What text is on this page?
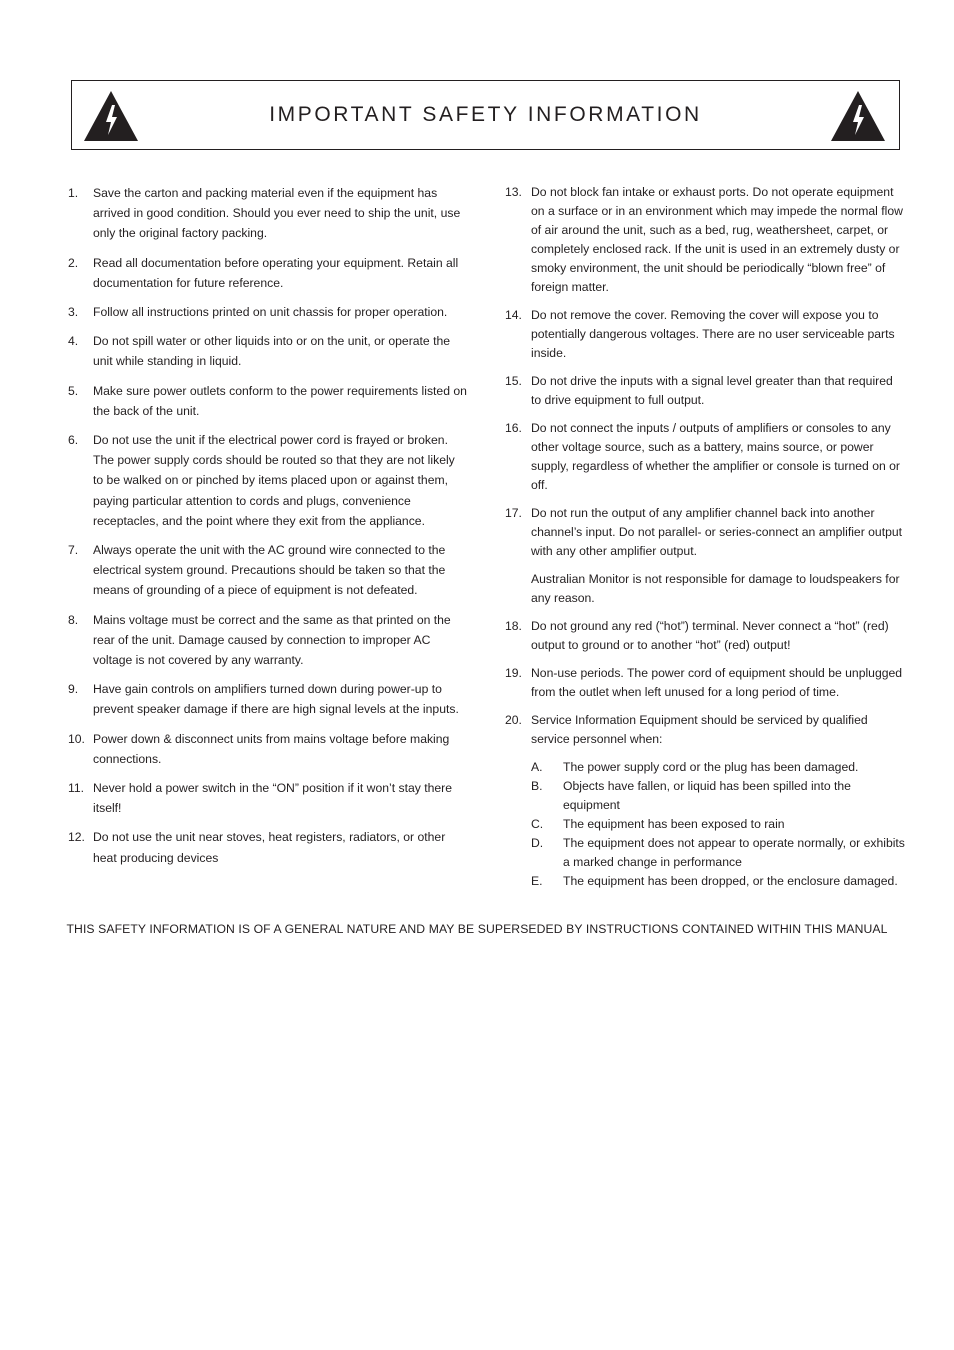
IMPORTANT SAFETY INFORMATION
1. Save the carton and packing material even if the equipment has arrived in good condition. Should you ever need to ship the unit, use only the original factory packing.
2. Read all documentation before operating your equipment. Retain all documentation for future reference.
3. Follow all instructions printed on unit chassis for proper operation.
4. Do not spill water or other liquids into or on the unit, or operate the unit while standing in liquid.
5. Make sure power outlets conform to the power requirements listed on the back of the unit.
6. Do not use the unit if the electrical power cord is frayed or broken. The power supply cords should be routed so that they are not likely to be walked on or pinched by items placed upon or against them, paying particular attention to cords and plugs, convenience receptacles, and the point where they exit from the appliance.
7. Always operate the unit with the AC ground wire connected to the electrical system ground. Precautions should be taken so that the means of grounding of a piece of equipment is not defeated.
8. Mains voltage must be correct and the same as that printed on the rear of the unit. Damage caused by connection to improper AC voltage is not covered by any warranty.
9. Have gain controls on amplifiers turned down during power-up to prevent speaker damage if there are high signal levels at the inputs.
10. Power down & disconnect units from mains voltage before making connections.
11. Never hold a power switch in the “ON” position if it won’t stay there itself!
12. Do not use the unit near stoves, heat registers, radiators, or other heat producing devices
13. Do not block fan intake or exhaust ports. Do not operate equipment on a surface or in an environment which may impede the normal flow of air around the unit, such as a bed, rug, weathersheet, carpet, or completely enclosed rack. If the unit is used in an extremely dusty or smoky environment, the unit should be periodically “blown free” of foreign matter.
14. Do not remove the cover. Removing the cover will expose you to potentially dangerous voltages. There are no user serviceable parts inside.
15. Do not drive the inputs with a signal level greater than that required to drive equipment to full output.
16. Do not connect the inputs / outputs of amplifiers or consoles to any other voltage source, such as a battery, mains source, or power supply, regardless of whether the amplifier or console is turned on or off.
17. Do not run the output of any amplifier channel back into another channel’s input. Do not parallel- or series-connect an amplifier output with any other amplifier output.
Australian Monitor is not responsible for damage to loudspeakers for any reason.
18. Do not ground any red (“hot”) terminal. Never connect a “hot” (red) output to ground or to another “hot” (red) output!
19. Non-use periods. The power cord of equipment should be unplugged from the outlet when left unused for a long period of time.
20. Service Information Equipment should be serviced by qualified service personnel when:
A. The power supply cord or the plug has been damaged.
B. Objects have fallen, or liquid has been spilled into the equipment
C. The equipment has been exposed to rain
D. The equipment does not appear to operate normally, or exhibits a marked change in performance
E. The equipment has been dropped, or the enclosure damaged.
THIS SAFETY INFORMATION IS OF A GENERAL NATURE AND MAY BE SUPERSEDED BY INSTRUCTIONS CONTAINED WITHIN THIS MANUAL
